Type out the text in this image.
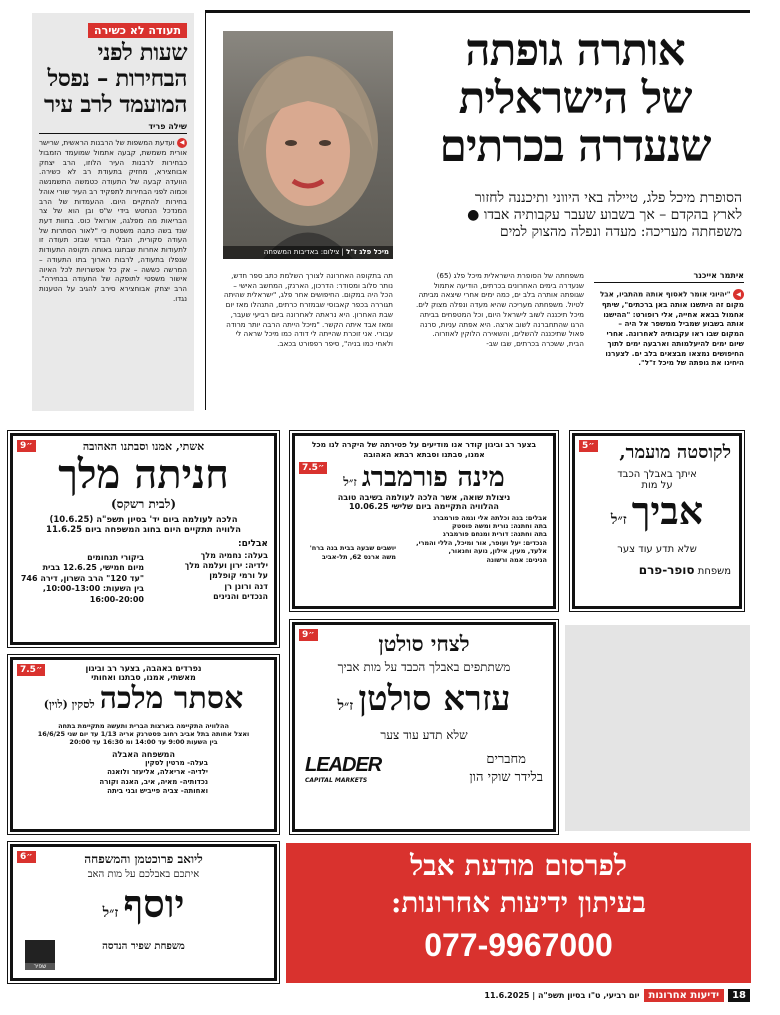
אותרה גופתה
של הישראלית
שנעדרה בכרתים
מיכל פלג ז"ל | צילום: באדיבות המשפחה
הסופרת מיכל פלג, טיילה באי היווני ותיכננה לחזור
לארץ בהקדם – אך בשבוע שעבר עקבותיה אבדו ●
משפחתה מעריכה: מעדה ונפלה מהצוק למים
איתמר אייכנר
◀ "יהיוני אומר לאסוף אותה מהתביו, אבל מקום זה היתשנו אותה באן ברכתים", שיתף אחמול בבאא אחייה, אלי רופורט: "ההישנו אותה בשבוע שמביל ממשפר אל היה – המקום שבו ראו עקבותיה לאחרונה. אחרי שיום ימים להיעלמותה וארבעה ימים לתוך החיפושים נמצאו מבצאים בלב ים. לצערנו היחינו את גופתה של מיכל ז"ל".
משפחתה של הסופרת הישראלית מיכל פלג (65) שנעדרה בימים האחרונים בכרתים, הודיעה אתמול שגופתה אותרה בלב ים, כמה ימים אחרי שיצאה מביתה לטיול. משפחתה מעריכה שהיא מעדה ונפלה מצוק לים. מיכל תיכננה לשוב לישראל היום, וכל המטפחים בביתה הרגו שהתחברנה לשוב ארצה. היא אפתה עניות, סרנה פאול שתיכננה להשלים, והשאירה הלוקין לאוזרוה. הבית, ששכרה בכרתים, שבו שב-
תה בתקופה האחרונה לצורך השלמת כתב ספר חדש, נותר סלוב ומסודר: הדרכון, הארנק, המחשב האישי – הכל היה במקום. החיפושים אחר פלג, "ישראלית שהיתה תגוררה בכפר קאבוסי שבמזרח כרתים, התנהלו מאז יום שבת האחרון. היא נראתה לאחרונה ביום רביעי שעבר, ומאז אבד איתה הקשר. "מיכל הייתה הרבה יותר מרודה עבורי. אני זוכרת שהייתה לי דודה כמו מיכל שראה לי ולאחי כמו בניה", סיפר רפפורט בכאב.
תעודה לא כשירה
שעות לפני
הבחירות – נפסל
המועמד לרב עיר
שילה פריד
◀ ועדעת המשפות של הרבנות הראשית, שרישר אורית משמשת, קבעה אתמול שמועמד הזמבול כבחירות לרבנות העיר הלוזו, הרב יצחק אבוחצירא, מחזיק בתעודת רב לא כשירה. הוועדה קבעה של התעודה כטמשה התשמנשה וכמוה לפני הבחירות לתפקיד רב העיר שורי אוהל בחירות להתקיים היום. ההעמדות של הרב המנדכל הנחטש בידי ש"ס ובן הוא של צר הבריאות מה מפלגה, אורואל כוס. בחוות דעת שנד בשה כתבה משפטת כי "לאור הסתרות של העודה סקורית, הובלי הבדוי שבזכ תעודה זו לתעודות אחרות שבתוגו באותה תקופה התעודות שנפלו בתעודה, לרבות הארוך בתו התעודה – המרשה כששה – אק כל אפשרויות לכל האיוה אישור משפטי לתופקה של התעודה בבחירה". הרב יצחק אבוחצירא סירב להגיב על הטענות נגדו.
9״	אשתי, אמנו וסבתנו האהובה
חניתה מלך
(לבית רשקס)
הלכה לעולמה ביום יד' בסיון תשפ"ה (10.6.25)
הלוויה תתקיים היום בחוג המשפחה ביום 11.6.25
אבלים:
בעלה: נחמיה מלך
ילדיה: ירון ועלמה מלך
על ורמי קופלמן
דנה ורונן רן
הנכדים והנינים
ביקורי תנחומים
מיום חמישי, 12.6.25 בבית
"עד 120" הרב השרון, דירה 746
בין השעות: 10:00-13:00, 16:00-20:00
7.5״
בצער רב וביגון קודר אנו מודיעים על פטירתה של היקרה לנו מכל אמנו, סבתנו וסבתא רבתא האהובה
מינה פורמברג ז״ל
ניצולת שואה, אשר הלכה לעולמה בשיבה טובה
ההלוויה התקיימה ביום שלישי 10.06.25
אבלים: בנה וכלתה אלי וגמה פורמברג
בתה וחתנה: נורית ומשה פוסטק
בתה וחתנה: דורית ומנחם פורמברג
הנכדים: יעל ועופר, אור ומיכל, הללי והמרי,
אלעד, מעין, אילון, נועה וחנאור,
הנינים: אמה ורשונה
יושבים שבעה בבית בנה ברח' משה ארנס 62, תל-אביב
5״	לקוסטה מועמר,
איתך באבלך הכבד
על מות
אביך ז״ל
שלא תדע עוד צער
משפחת סופר-פרם
7.5״	נפרדים באהבה, בצער רב וביגון
מאשתי, אמנו, סבתנו ואחותי
אסתר מלכה לסקין (לוין)
ההלוויה התקיימה בארצות הברית ותעשה מתקיימת בתחה
ואצל אחותה בתל אביב רחוב פסטרנק אריה 1/13 עד יום שני 16/6/25
בין השעות 9:00 עד 14:00 ומ 16:30 עד 20:00
המשפחה האבלה
בעלה- מרטין לסקין
ילדיה- אריאלה, אליעזר ולואנה
נכדותיה- מאיה, איב, האנה וקורה
ואחותה- צביה פייביש ובני ביתה
9״	לצחי סולטן
משתתפים באבלך הכבד על מות אביך
עזרא סולטן ז״ל
שלא תדע עוד צער
מחברים
בלידר שוקי הון
LEADER
CAPITAL MARKETS
6״	ליואב פרוכטמן והמשפחה
איתכם באבלכם על מות האב
יוסף ז״ל
משפחת שפיר הנדסה
שפיר
לפרסום מודעת אבל
בעיתון ידיעות אחרונות:
077-9967000
18
ידיעות אחרונות
יום רביעי, ט"ו בסיון תשפ"ה | 11.6.2025
